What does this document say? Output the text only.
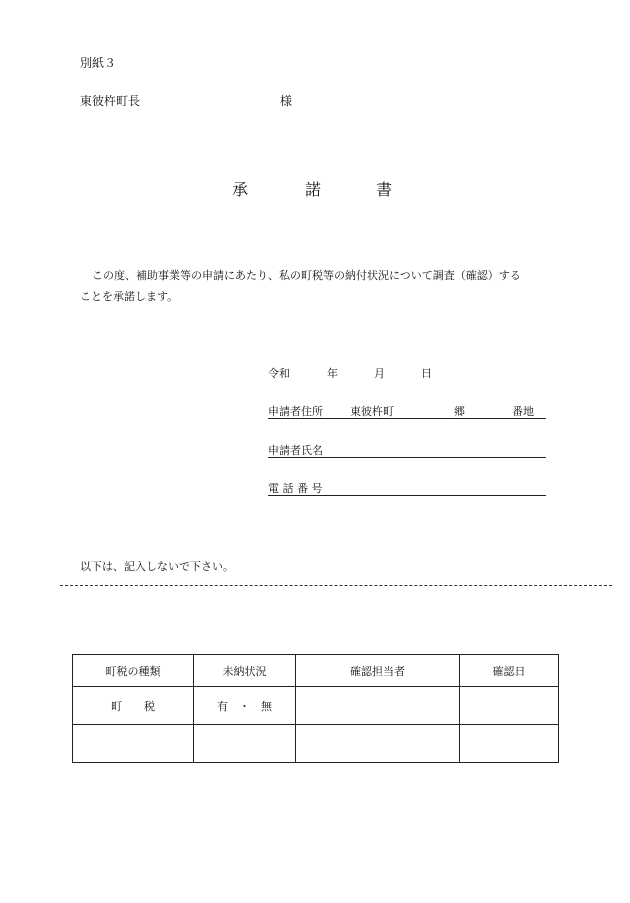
別紙３
東彼杵町長	様
承	諾	書
この度、補助事業等の申請にあたり、私の町税等の納付状況について調査（確認）する
ことを承諾します。
令和	年	月	日
申請者住所 東彼杵町	郷	番地
申請者氏名
電 話 番 号
以下は、記入しないで下さい。
町税の種類	未納状況	確認担当者	確認日
町　　税	有　・　無		
